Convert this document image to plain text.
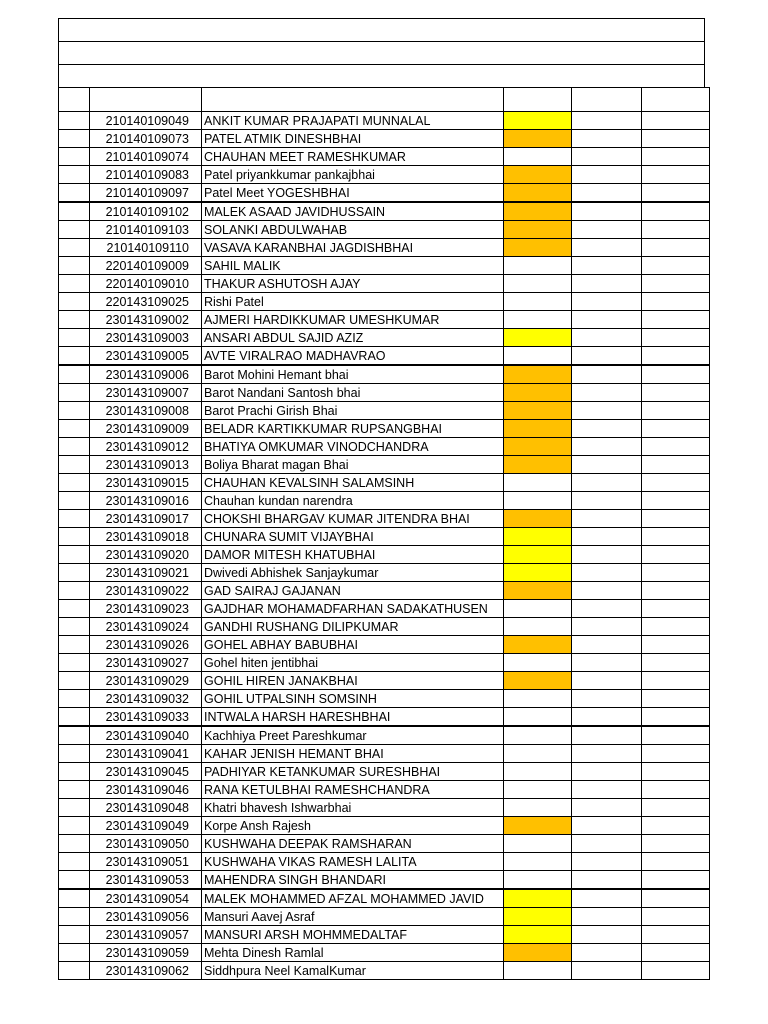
	210140109049	ANKIT KUMAR PRAJAPATI MUNNALAL			
	210140109073	PATEL ATMIK DINESHBHAI			
	210140109074	CHAUHAN MEET RAMESHKUMAR			
	210140109083	Patel priyankkumar pankajbhai			
	210140109097	Patel Meet YOGESHBHAI			
	210140109102	MALEK ASAAD JAVIDHUSSAIN			
	210140109103	SOLANKI ABDULWAHAB			
	210140109110	VASAVA KARANBHAI JAGDISHBHAI			
	220140109009	SAHIL MALIK			
	220140109010	THAKUR ASHUTOSH AJAY			
	220143109025	Rishi Patel			
	230143109002	AJMERI HARDIKKUMAR UMESHKUMAR			
	230143109003	ANSARI ABDUL SAJID AZIZ			
	230143109005	AVTE VIRALRAO MADHAVRAO			
	230143109006	Barot Mohini Hemant bhai			
	230143109007	Barot Nandani Santosh bhai			
	230143109008	Barot Prachi Girish Bhai			
	230143109009	BELADR KARTIKKUMAR RUPSANGBHAI			
	230143109012	BHATIYA OMKUMAR VINODCHANDRA			
	230143109013	Boliya Bharat magan Bhai			
	230143109015	CHAUHAN KEVALSINH SALAMSINH			
	230143109016	Chauhan kundan narendra			
	230143109017	CHOKSHI BHARGAV KUMAR JITENDRA BHAI			
	230143109018	CHUNARA SUMIT VIJAYBHAI			
	230143109020	DAMOR MITESH KHATUBHAI			
	230143109021	Dwivedi Abhishek Sanjaykumar			
	230143109022	GAD SAIRAJ GAJANAN			
	230143109023	GAJDHAR MOHAMADFARHAN SADAKATHUSEN			
	230143109024	GANDHI RUSHANG DILIPKUMAR			
	230143109026	GOHEL ABHAY BABUBHAI			
	230143109027	Gohel hiten jentibhai			
	230143109029	GOHIL HIREN JANAKBHAI			
	230143109032	GOHIL UTPALSINH SOMSINH			
	230143109033	INTWALA HARSH HARESHBHAI			
	230143109040	Kachhiya Preet Pareshkumar			
	230143109041	KAHAR JENISH HEMANT BHAI			
	230143109045	PADHIYAR KETANKUMAR SURESHBHAI			
	230143109046	RANA KETULBHAI RAMESHCHANDRA			
	230143109048	Khatri bhavesh Ishwarbhai			
	230143109049	Korpe Ansh Rajesh			
	230143109050	KUSHWAHA DEEPAK RAMSHARAN			
	230143109051	KUSHWAHA VIKAS RAMESH LALITA			
	230143109053	MAHENDRA SINGH BHANDARI			
	230143109054	MALEK MOHAMMED AFZAL MOHAMMED JAVID			
	230143109056	Mansuri Aavej Asraf			
	230143109057	MANSURI ARSH MOHMMEDALTAF			
	230143109059	Mehta Dinesh Ramlal			
	230143109062	Siddhpura Neel KamalKumar			
